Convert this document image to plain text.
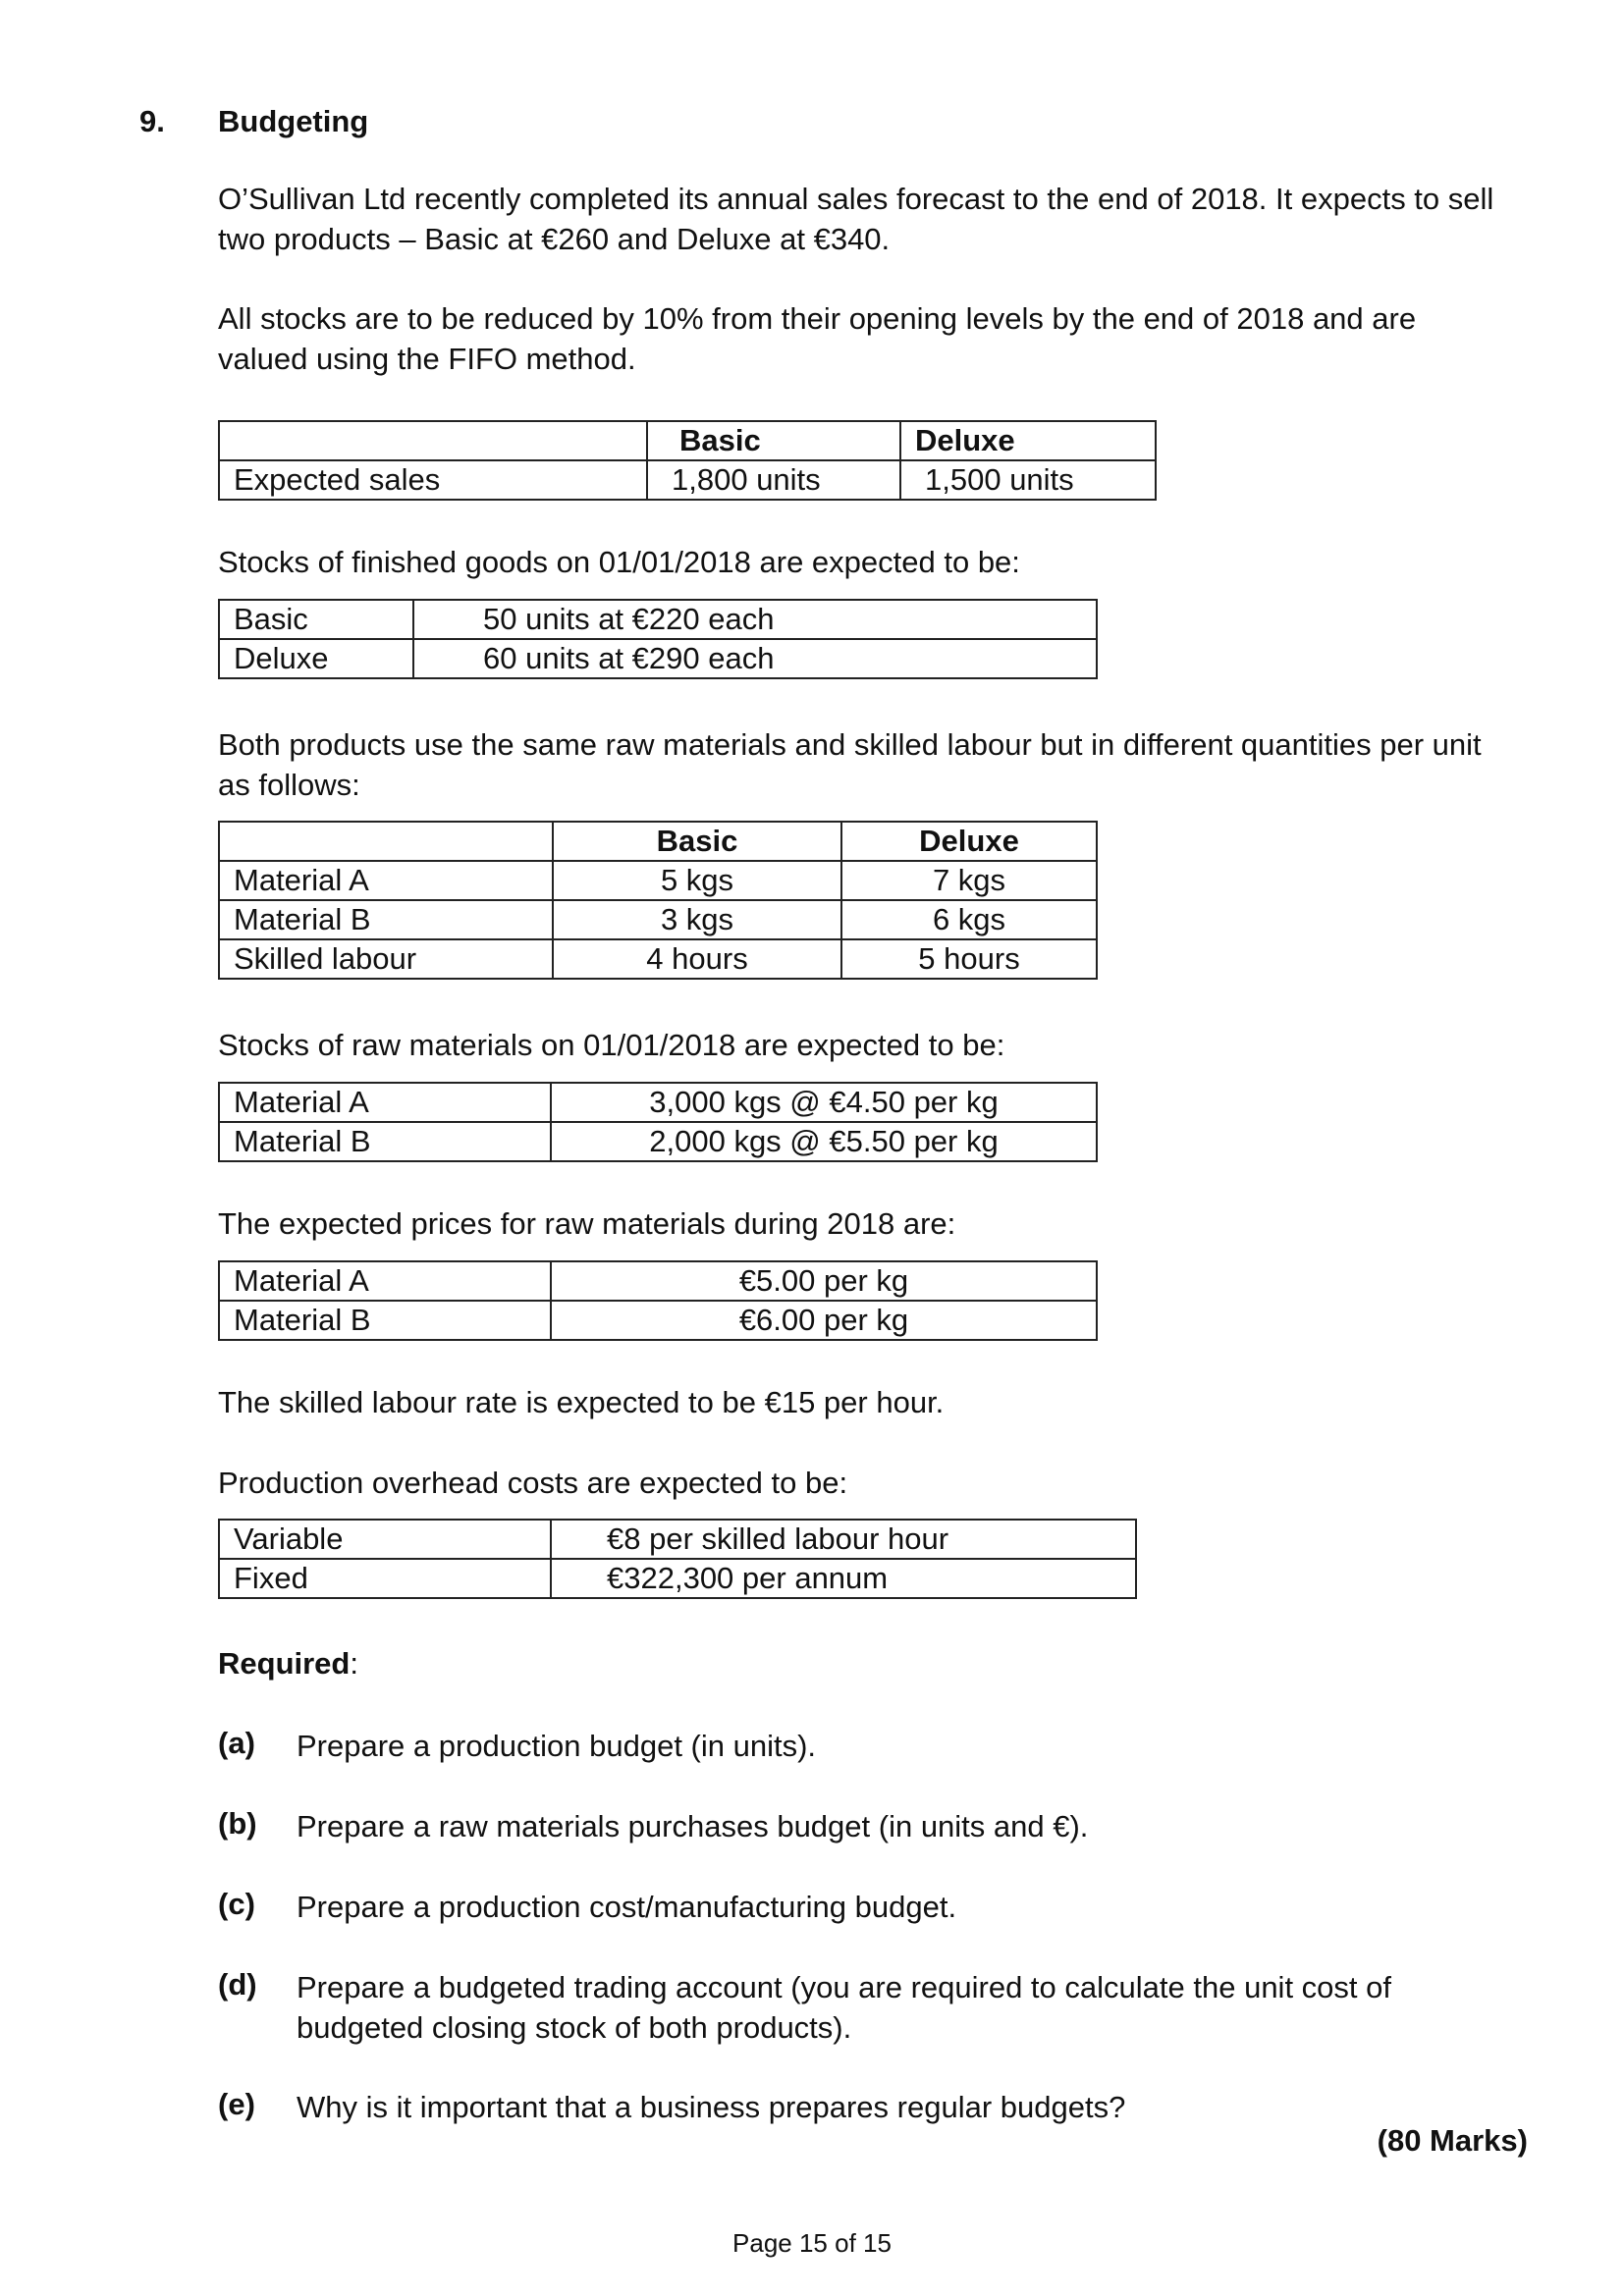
9. Budgeting

O’Sullivan Ltd recently completed its annual sales forecast to the end of 2018. It expects to sell two products – Basic at €260 and Deluxe at €340.

All stocks are to be reduced by 10% from their opening levels by the end of 2018 and are valued using the FIFO method.

	Basic	Deluxe
Expected sales	1,800 units	1,500 units

Stocks of finished goods on 01/01/2018 are expected to be:

Basic	50 units at €220 each
Deluxe	60 units at €290 each

Both products use the same raw materials and skilled labour but in different quantities per unit as follows:

	Basic	Deluxe
Material A	5 kgs	7 kgs
Material B	3 kgs	6 kgs
Skilled labour	4 hours	5 hours

Stocks of raw materials on 01/01/2018 are expected to be:

Material A	3,000 kgs @ €4.50 per kg
Material B	2,000 kgs @ €5.50 per kg

The expected prices for raw materials during 2018 are:

Material A	€5.00 per kg
Material B	€6.00 per kg

The skilled labour rate is expected to be €15 per hour.

Production overhead costs are expected to be:

Variable	€8 per skilled labour hour
Fixed	€322,300 per annum
Required:
(a) Prepare a production budget (in units).
(b) Prepare a raw materials purchases budget (in units and €).
(c) Prepare a production cost/manufacturing budget.
(d) Prepare a budgeted trading account (you are required to calculate the unit cost of budgeted closing stock of both products).
(e) Why is it important that a business prepares regular budgets?
(80 Marks)
Page 15 of 15
